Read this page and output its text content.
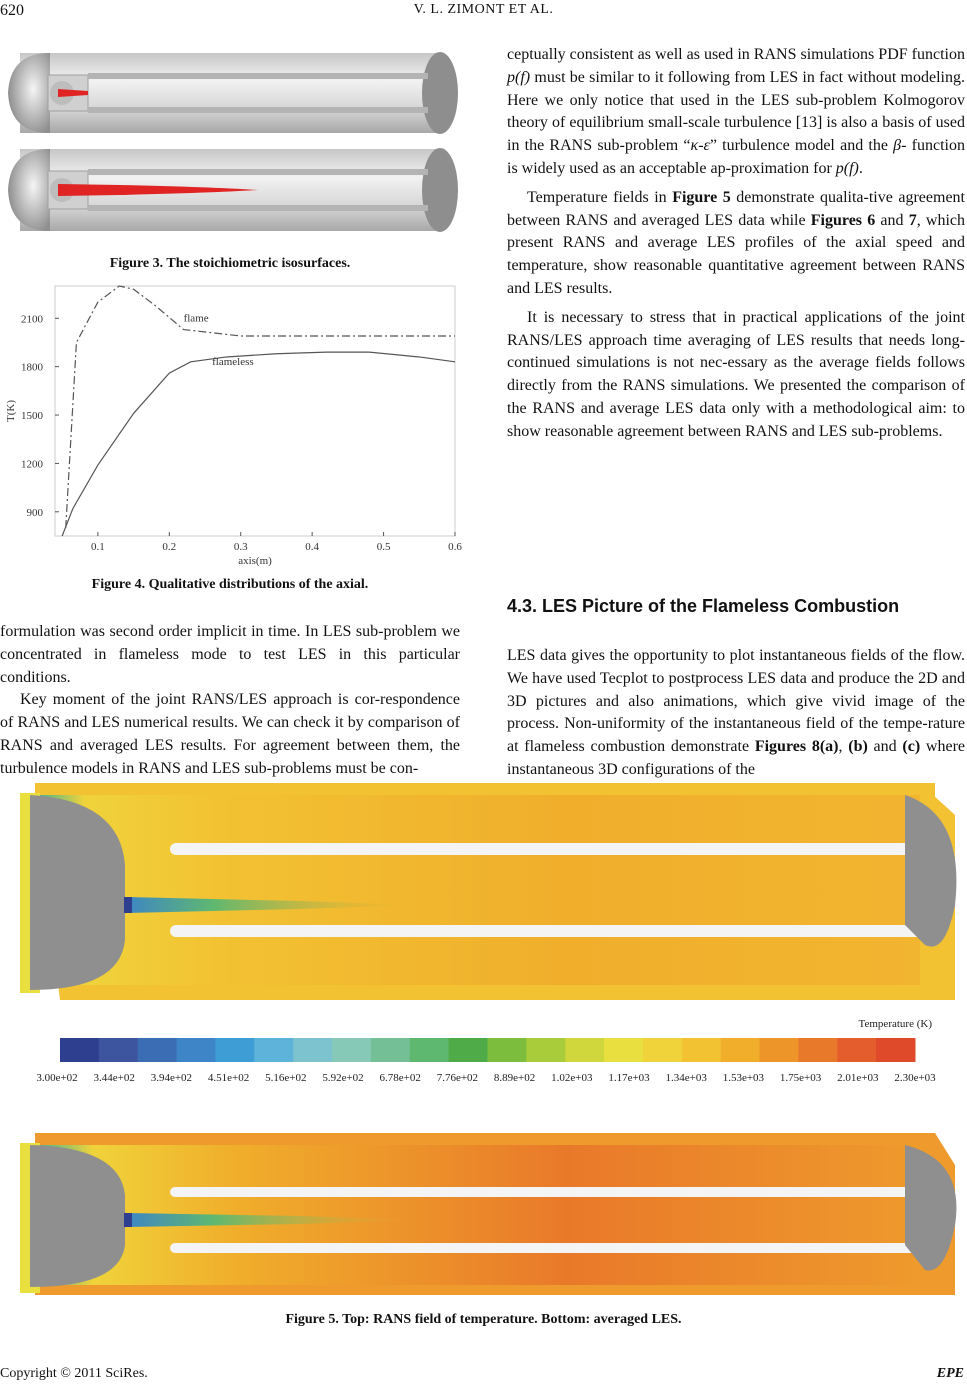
620	V. L. ZIMONT ET AL.
Figure 3. The stoichiometric isosurfaces.
0.1	0.2	0.3	0.4	0.5	0.6
900
1200
1500
1800
2100
axis(m)
T(K)
flame
flameless
Figure 4. Qualitative distributions of the axial.

formulation was second order implicit in time. In LES sub-problem we concentrated in flameless mode to test LES in this particular conditions.

Key moment of the joint RANS/LES approach is cor-respondence of RANS and LES numerical results. We can check it by comparison of RANS and averaged LES results. For agreement between them, the turbulence models in RANS and LES sub-problems must be con-

ceptually consistent as well as used in RANS simulations PDF function p(f) must be similar to it following from LES in fact without modeling. Here we only notice that used in the LES sub-problem Kolmogorov theory of equilibrium small-scale turbulence [13] is also a basis of used in the RANS sub-problem “κ-ε” turbulence model and the β- function is widely used as an acceptable ap-proximation for p(f).

Temperature fields in Figure 5 demonstrate qualita-tive agreement between RANS and averaged LES data while Figures 6 and 7, which present RANS and average LES profiles of the axial speed and temperature, show reasonable quantitative agreement between RANS and LES results.

It is necessary to stress that in practical applications of the joint RANS/LES approach time averaging of LES results that needs long-continued simulations is not nec-essary as the average fields follows directly from the RANS simulations. We presented the comparison of the RANS and average LES data only with a methodological aim: to show reasonable agreement between RANS and LES sub-problems.

4.3. LES Picture of the Flameless Combustion

LES data gives the opportunity to plot instantaneous fields of the flow. We have used Tecplot to postprocess LES data and produce the 2D and 3D pictures and also animations, which give vivid image of the process. Non-uniformity of the instantaneous field of the tempe-rature at flameless combustion demonstrate Figures 8(a), (b) and (c) where instantaneous 3D configurations of the

Temperature (K)
3.00e+02 3.44e+02 3.94e+02 4.51e+02 5.16e+02 5.92e+02 6.78e+02 7.76e+02 8.89e+02 1.02e+03 1.17e+03 1.34e+03 1.53e+03 1.75e+03 2.01e+03 2.30e+03
Figure 5. Top: RANS field of temperature. Bottom: averaged LES.
Copyright © 2011 SciRes.	EPE
